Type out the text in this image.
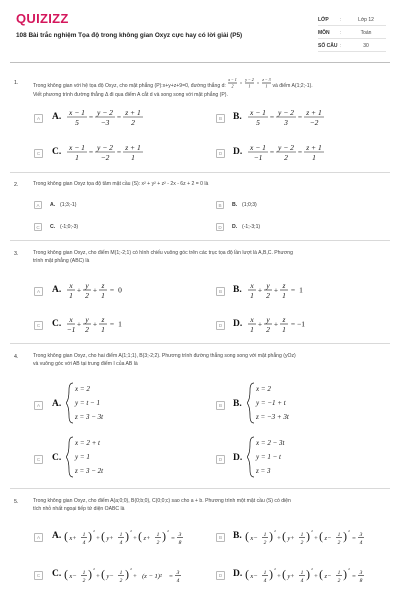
QUIZIZZ
108 Bài trắc nghiệm Tọa độ trong không gian Oxyz cực hay có lời giải (P5)
LỚP	:	Lớp 12
MÔN	:	Toán
SỐ CÂU :	30
1.	Trong không gian với hệ tọa độ Oxyz, cho mặt phẳng (P):x+y+z+9=0, đường thẳng d:
x − 1
2
=
y − 2
1
=
z − 3
1 và điểm A(1;2;-1).
Viết phương trình đường thẳng Δ đi qua điểm A cắt d và song song với mặt phẳng (P).
A	A. x − 1
5
=
y − 2
−3
=
z + 1
2	B	B. x − 1
5
=
y − 2
3
=
z + 1
−2
C C. x − 1
1
=
y − 2
−2
=
z + 1
1	D D. x − 1
−1
=
y − 2
2
=
z + 1
1
2.	Trong không gian Oxyz tọa độ tâm mặt cầu (S): x² + y² + z² - 2x - 6z + 2 = 0 là
A	A. (1;3;-1)	B	B. (1;0;3)
C	C. (-1;0;-3)	D	D. (-1;-3;1)
3.	Trong không gian Oxyz, cho điểm M(1;-2;1) có hình chiếu vuông góc trên các trục tọa độ lần lượt là A,B,C. Phương
trình mặt phẳng (ABC) là
A	A. x
1
+
y
2
+
z
1
= 0	B	B. x
1
+
y
2
+
z
1
= 1
C C. x
−1
+
y
2
+
z
1
= 1	D D. x
1
+
y
2
+
z
1
= −1
4.	Trong không gian Oxyz, cho hai điểm A(1;1;1), B(3;-2;2). Phương trình đường thẳng song song với mặt phẳng (yOz)
và vuông góc với AB tại trung điểm I của AB là
A	A.
x = 2
y = t − 1
z = 3 − 3t
B	B.
x = 2
y = −1 + t
z = −3 + 3t
C C.
x = 2 + t
y = 1
z = 3 − 2t
D D.
x = 2 − 3t
y = 1 − t
z = 3
5.	Trong không gian Oxyz, cho điểm A(a;0;0), B(0;b;0), C(0;0;c) sao cho a + b. Phương trình một mặt cầu (S) có diện
tích nhỏ nhất ngoại tiếp tứ diện OABC là
A	A. ( x+ 1
4 ) 2
+ ( y+ 1
4 ) 2
+ ( z+ 1
2 ) 2
= 3
8
B	B. ( x− 1
2 ) 2
+ ( y+ 1
2 ) 2
+ ( z− 1
2 ) 2
= 3
4
C C. ( x− 1
2 ) 2
+ ( y− 1
2 ) 2
+ (z − 1)² = 3
4
D D. ( x− 1
4 ) 2
+ ( y+ 1
4 ) 2
+ ( z− 1
2 ) 2
= 3
8
